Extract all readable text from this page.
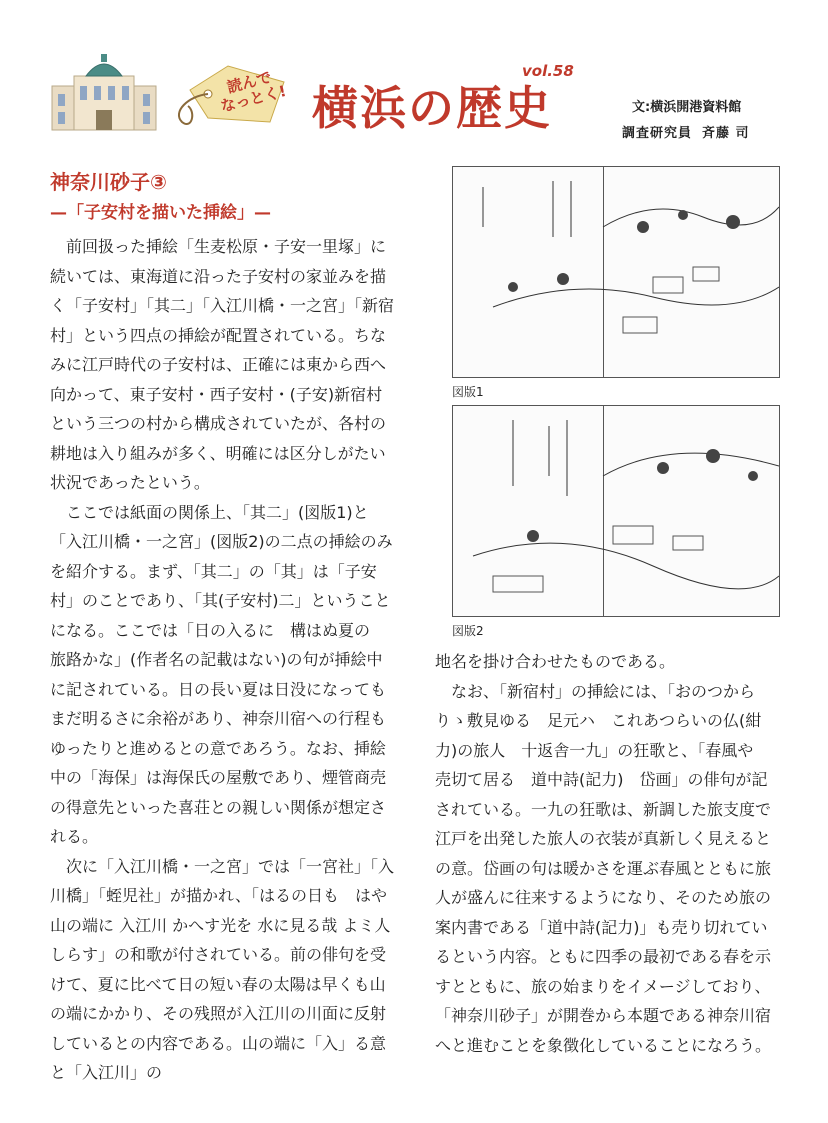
読んで
なっとく! 横浜の歴史
vol.58
文:横浜開港資料館
調査研究員 斉藤 司
神奈川砂子③
—「子安村を描いた挿絵」—

前回扱った挿絵「生麦松原・子安一里塚」に続いては、東海道に沿った子安村の家並みを描く「子安村」「其二」「入江川橋・一之宮」「新宿村」という四点の挿絵が配置されている。ちなみに江戸時代の子安村は、正確には東から西へ向かって、東子安村・西子安村・(子安)新宿村という三つの村から構成されていたが、各村の耕地は入り組みが多く、明確には区分しがたい状況であったという。

ここでは紙面の関係上、「其二」(図版1)と「入江川橋・一之宮」(図版2)の二点の挿絵のみを紹介する。まず、「其二」の「其」は「子安村」のことであり、「其(子安村)二」ということになる。ここでは「日の入るに　構はぬ夏の　旅路かな」(作者名の記載はない)の句が挿絵中に記されている。日の長い夏は日没になってもまだ明るさに余裕があり、神奈川宿への行程もゆったりと進めるとの意であろう。なお、挿絵中の「海保」は海保氏の屋敷であり、煙管商売の得意先といった喜荘との親しい関係が想定される。

次に「入江川橋・一之宮」では「一宮社」「入川橋」「蛭児社」が描かれ、「はるの日も　はや山の端に 入江川 かへす光を 水に見る哉 よミ人しらす」の和歌が付されている。前の俳句を受けて、夏に比べて日の短い春の太陽は早くも山の端にかかり、その残照が入江川の川面に反射しているとの内容である。山の端に「入」る意と「入江川」の

図版1
図版2

地名を掛け合わせたものである。

なお、「新宿村」の挿絵には、「おのつからりゝ敷見ゆる　足元ハ　これあつらいの仏(紺力)の旅人　十返舎一九」の狂歌と、「春風や　売切て居る　道中詩(記力)　岱画」の俳句が記されている。一九の狂歌は、新調した旅支度で江戸を出発した旅人の衣装が真新しく見えるとの意。岱画の句は暖かさを運ぶ春風とともに旅人が盛んに往来するようになり、そのため旅の案内書である「道中詩(記力)」も売り切れているという内容。ともに四季の最初である春を示すとともに、旅の始まりをイメージしており、「神奈川砂子」が開巻から本題である神奈川宿へと進むことを象徴化していることになろう。
